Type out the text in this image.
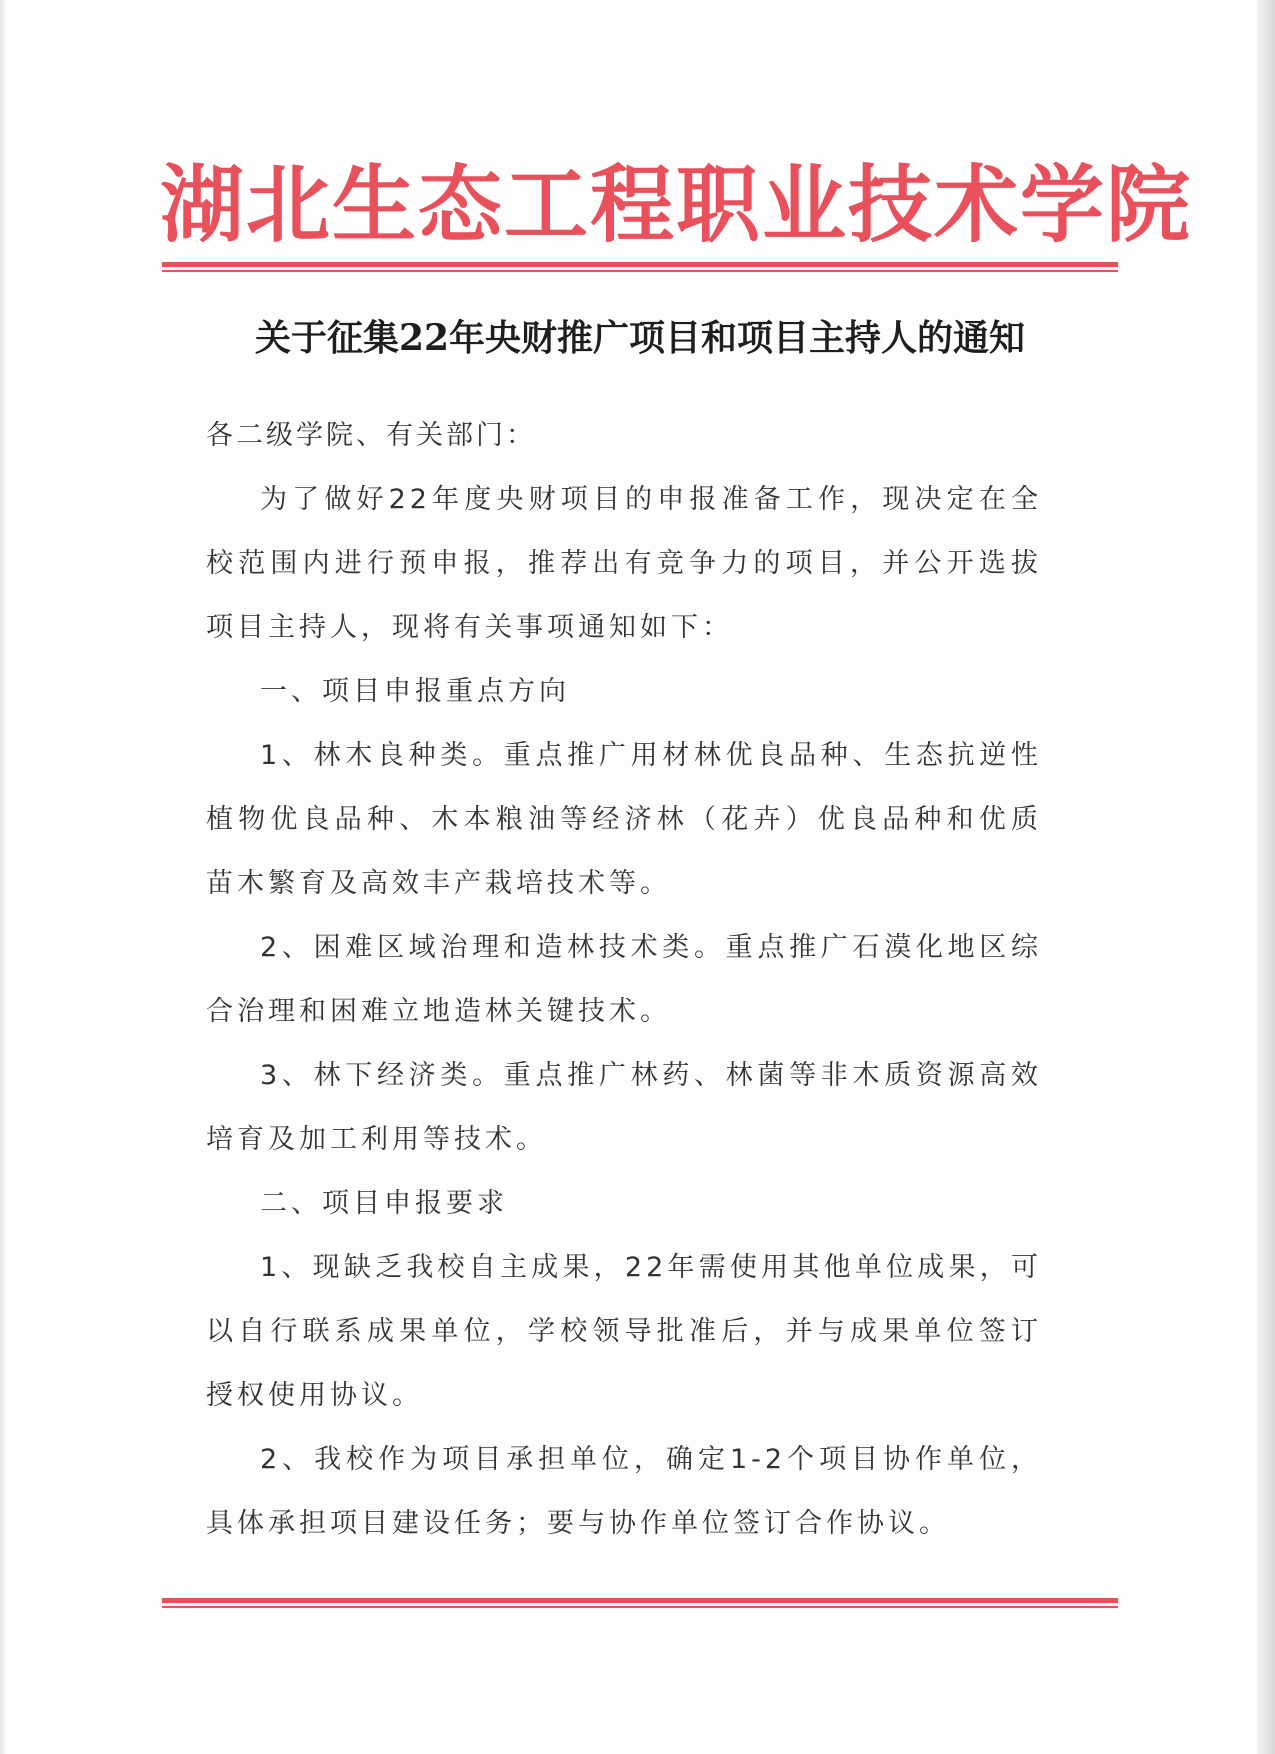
湖北生态工程职业技术学院
关于征集22年央财推广项目和项目主持人的通知

各二级学院、有关部门：

为了做好22年度央财项目的申报准备工作，现决定在全校范围内进行预申报，推荐出有竞争力的项目，并公开选拔项目主持人，现将有关事项通知如下：

一、项目申报重点方向

1、林木良种类。重点推广用材林优良品种、生态抗逆性植物优良品种、木本粮油等经济林（花卉）优良品种和优质苗木繁育及高效丰产栽培技术等。

2、困难区域治理和造林技术类。重点推广石漠化地区综合治理和困难立地造林关键技术。

3、林下经济类。重点推广林药、林菌等非木质资源高效培育及加工利用等技术。

二、项目申报要求

1、现缺乏我校自主成果，22年需使用其他单位成果，可以自行联系成果单位，学校领导批准后，并与成果单位签订授权使用协议。

2、我校作为项目承担单位，确定1-2个项目协作单位，具体承担项目建设任务；要与协作单位签订合作协议。
